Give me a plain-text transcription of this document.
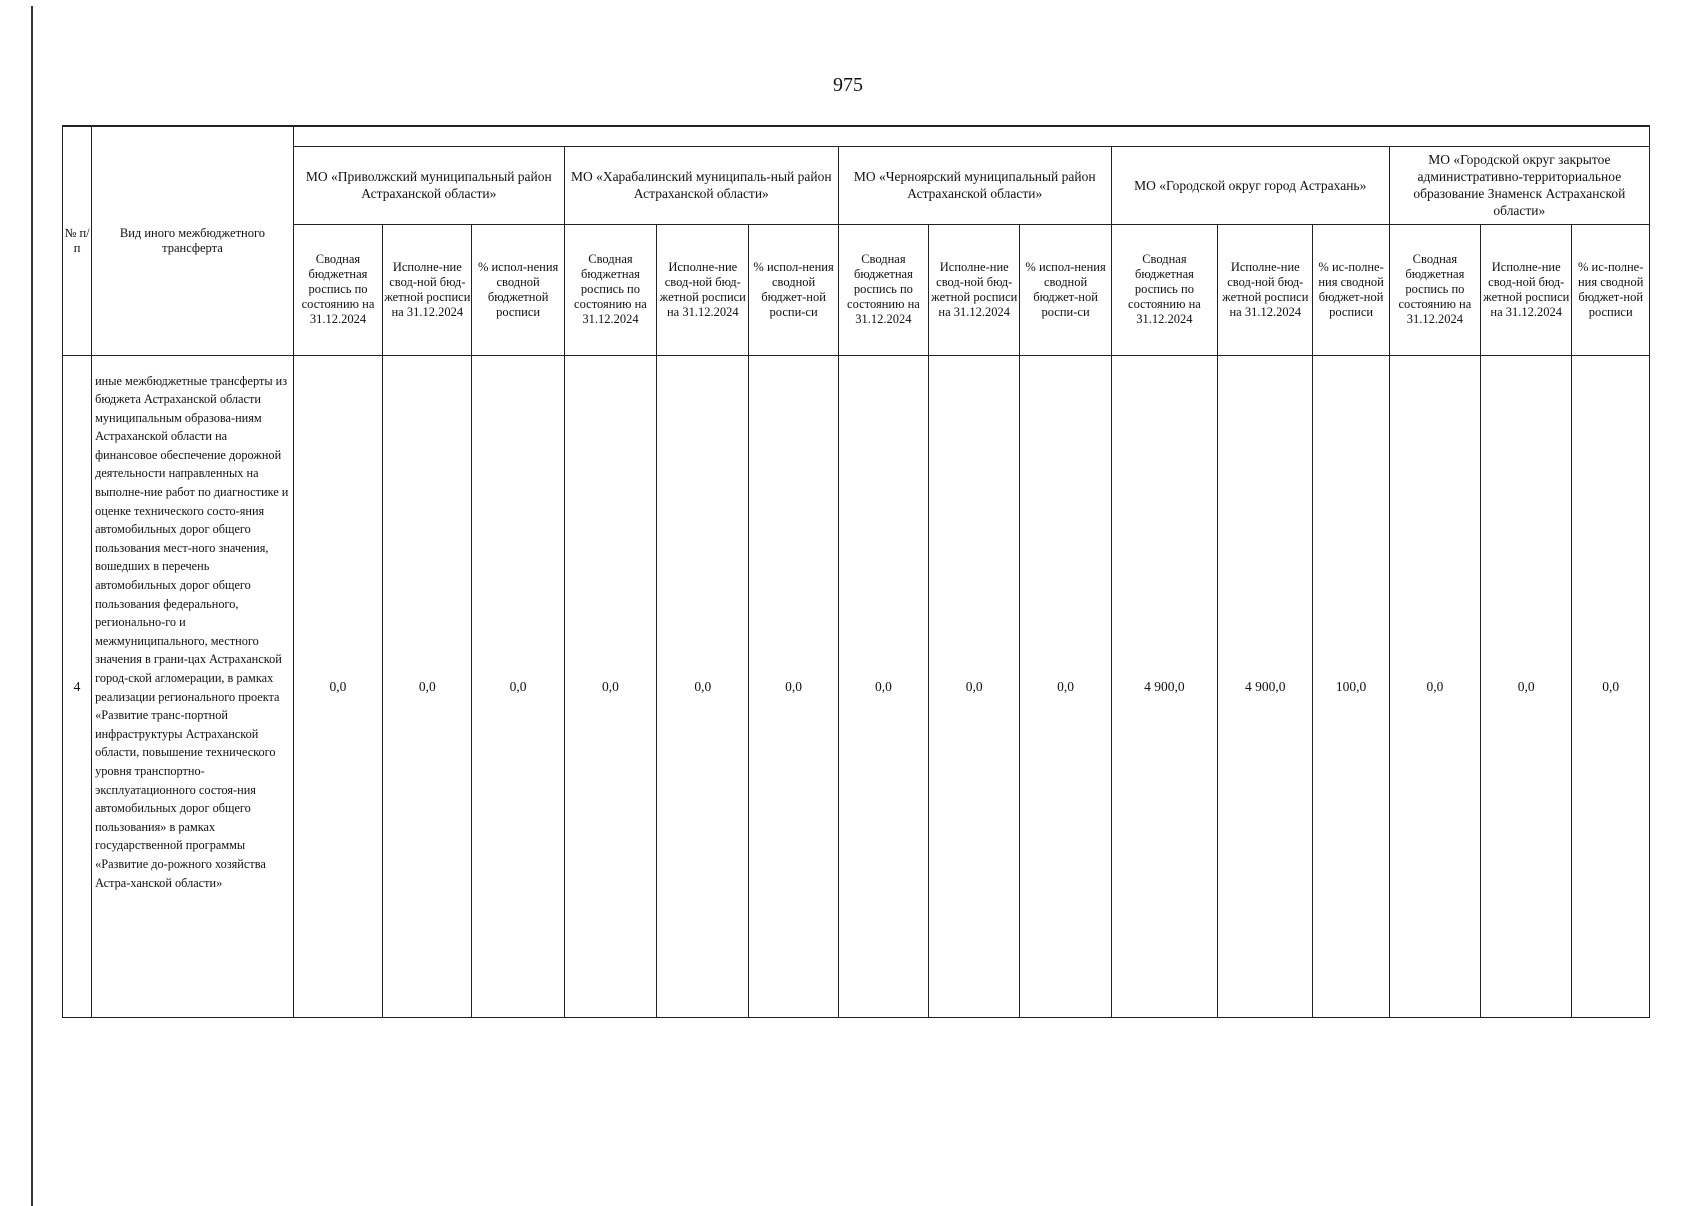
975
№ п/п	Вид иного межбюджетного трансферта															
		МО «Приволжский муниципальный район Астраханской области»			МО «Харабалинский муниципаль-ный район Астраханской области»			МО «Черноярский муниципальный район Астраханской области»			МО «Городской округ город Астрахань»			МО «Городской округ закрытое административно-территориальное образование Знаменск Астраханской области»		
		Сводная бюджетная роспись по состоянию на 31.12.2024	Исполне-ние свод-ной бюд-жетной росписи на 31.12.2024	% испол-нения сводной бюджетной росписи	Сводная бюджетная роспись по состоянию на 31.12.2024	Исполне-ние свод-ной бюд-жетной росписи на 31.12.2024	% испол-нения сводной бюджет-ной роспи-си	Сводная бюджетная роспись по состоянию на 31.12.2024	Исполне-ние свод-ной бюд-жетной росписи на 31.12.2024	% испол-нения сводной бюджет-ной роспи-си	Сводная бюджетная роспись по состоянию на 31.12.2024	Исполне-ние свод-ной бюд-жетной росписи на 31.12.2024	% ис-полне-ния сводной бюджет-ной росписи	Сводная бюджетная роспись по состоянию на 31.12.2024	Исполне-ние свод-ной бюд-жетной росписи на 31.12.2024	% ис-полне-ния сводной бюджет-ной росписи
4	иные межбюджетные трансферты из бюджета Астраханской области муниципальным образова-ниям Астраханской области на финансовое обеспечение дорожной деятельности направленных на выполне-ние работ по диагностике и оценке технического состо-яния автомобильных дорог общего пользования мест-ного значения, вошедших в перечень автомобильных дорог общего пользования федерального, регионально-го и межмуниципального, местного значения в грани-цах Астраханской город-ской агломерации, в рамках реализации регионального проекта «Развитие транс-портной инфраструктуры Астраханской области, повышение технического уровня транспортно-эксплуатационного состоя-ния автомобильных дорог общего пользования» в рамках государственной программы «Развитие до-рожного хозяйства Астра-ханской области»	0,0	0,0	0,0	0,0	0,0	0,0	0,0	0,0	0,0	4 900,0	4 900,0	100,0	0,0	0,0	0,0
